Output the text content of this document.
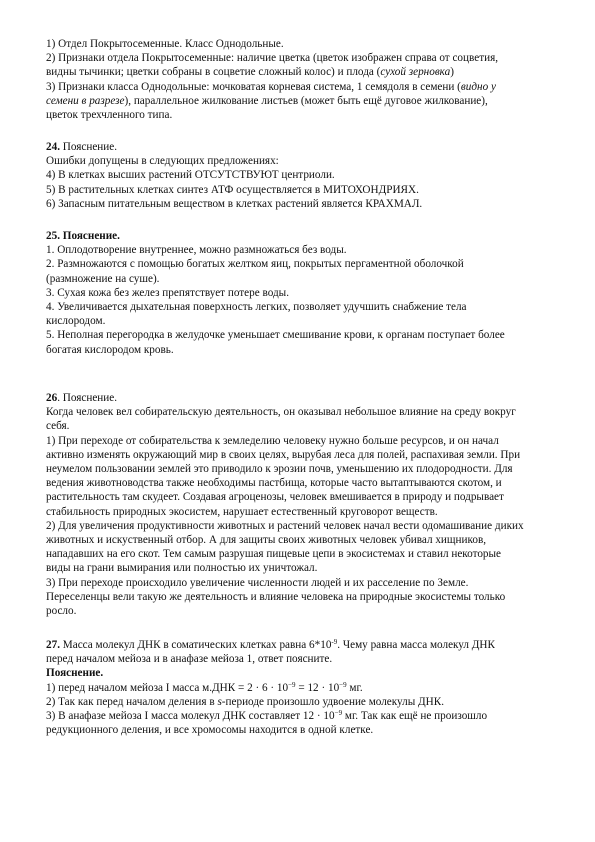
1) Отдел Покрытосеменные. Класс Однодольные.
2) Признаки отдела Покрытосеменные: наличие цветка (цветок изображен справа от соцветия,
видны тычинки; цветки собраны в соцветие сложный колос) и плода (сухой зерновка)
3) Признаки класса Однодольные: мочковатая корневая система, 1 семядоля в семени (видно у
семени в разрезе), параллельное жилкование листьев (может быть ещё дуговое жилкование),
цветок трехчленного типа.
24. Пояснение.
Ошибки допущены в следующих предложениях:
4) В клетках высших растений ОТСУТСТВУЮТ центриоли.
5) В растительных клетках синтез АТФ осуществляется в МИТОХОНДРИЯХ.
6) Запасным питательным веществом в клетках растений является КРАХМАЛ.
25. Пояснение.
1. Оплодотворение внутреннее, можно размножаться без воды.
2. Размножаются с помощью богатых желтком яиц, покрытых пергаментной оболочкой
(размножение на суше).
3. Сухая кожа без желез препятствует потере воды.
4. Увеличивается дыхательная поверхность легких, позволяет удучшить снабжение тела
кислородом.
5. Неполная перегородка в желудочке уменьшает смешивание крови, к органам поступает более
богатая кислородом кровь.
26. Пояснение.
Когда человек вел собирательскую деятельность, он оказывал небольшое влияние на среду вокруг
себя.
1) При переходе от собирательства к земледелию человеку нужно больше ресурсов, и он начал
активно изменять окружающий мир в своих целях, вырубая леса для полей, распахивая земли. При
неумелом пользовании землей это приводило к эрозии почв, уменьшению их плодородности. Для
ведения животноводства также необходимы пастбища, которые часто вытаптываются скотом, и
растительность там скудеет. Создавая агроценозы, человек вмешивается в природу и подрывает
стабильность природных экосистем, нарушает естественный круговорот веществ.
2) Для увеличения продуктивности животных и растений человек начал вести одомашивание диких
животных и искуственный отбор. А для защиты своих животных человек убивал хищников,
нападавших на его скот. Тем самым разрушая пищевые цепи в экосистемах и ставил некоторые
виды на грани вымирания или полностью их уничтожал.
3) При переходе происходило увеличение численности людей и их расселение по Земле.
Переселенцы вели такую же деятельность и влияние человека на природные экосистемы только
росло.
27. Масса молекул ДНК в соматических клетках равна $6*10^{-9}$. Чему равна масса молекул ДНК
перед началом мейоза и в анафазе мейоза 1, ответ поясните.
Пояснение.
1) перед началом мейоза I масса $м.ДНК = 2 \cdot 6 \cdot 10^{-9} = 12 \cdot 10^{-9}$ мг.
2) Так как перед началом деления в s-периоде произошло удвоение молекулы ДНК.
3) В анафазе мейоза I масса молекул ДНК составляет $12 \cdot 10^{-9}$ мг. Так как ещё не произошло
редукционного деления, и все хромосомы находится в одной клетке.
